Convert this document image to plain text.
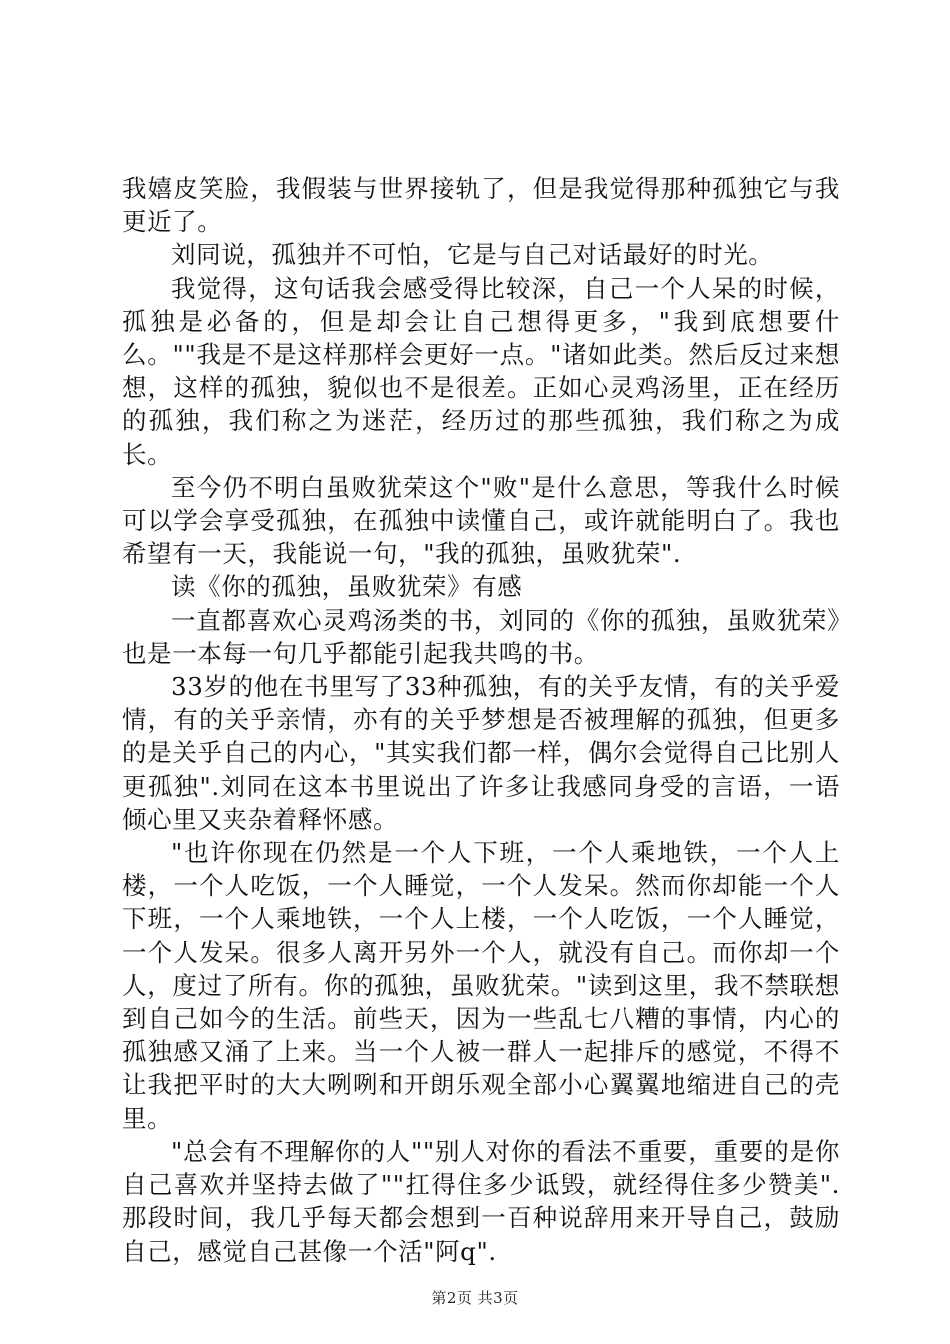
我嬉皮笑脸，我假装与世界接轨了，但是我觉得那种孤独它与我更近了。

刘同说，孤独并不可怕，它是与自己对话最好的时光。

我觉得，这句话我会感受得比较深，自己一个人呆的时候，孤独是必备的，但是却会让自己想得更多，"我到底想要什么。""我是不是这样那样会更好一点。"诸如此类。然后反过来想想，这样的孤独，貌似也不是很差。正如心灵鸡汤里，正在经历的孤独，我们称之为迷茫，经历过的那些孤独，我们称之为成长。

至今仍不明白虽败犹荣这个"败"是什么意思，等我什么时候可以学会享受孤独，在孤独中读懂自己，或许就能明白了。我也希望有一天，我能说一句，"我的孤独，虽败犹荣".

读《你的孤独，虽败犹荣》有感

一直都喜欢心灵鸡汤类的书，刘同的《你的孤独，虽败犹荣》也是一本每一句几乎都能引起我共鸣的书。

33岁的他在书里写了33种孤独，有的关乎友情，有的关乎爱情，有的关乎亲情，亦有的关乎梦想是否被理解的孤独，但更多的是关乎自己的内心，"其实我们都一样，偶尔会觉得自己比别人更孤独".刘同在这本书里说出了许多让我感同身受的言语，一语倾心里又夹杂着释怀感。

"也许你现在仍然是一个人下班，一个人乘地铁，一个人上楼，一个人吃饭，一个人睡觉，一个人发呆。然而你却能一个人下班，一个人乘地铁，一个人上楼，一个人吃饭，一个人睡觉，一个人发呆。很多人离开另外一个人，就没有自己。而你却一个人，度过了所有。你的孤独，虽败犹荣。"读到这里，我不禁联想到自己如今的生活。前些天，因为一些乱七八糟的事情，内心的孤独感又涌了上来。当一个人被一群人一起排斥的感觉，不得不让我把平时的大大咧咧和开朗乐观全部小心翼翼地缩进自己的壳里。

"总会有不理解你的人""别人对你的看法不重要，重要的是你自己喜欢并坚持去做了""扛得住多少诋毁，就经得住多少赞美".那段时间，我几乎每天都会想到一百种说辞用来开导自己，鼓励自己，感觉自己甚像一个活"阿q".

第2页 共3页
